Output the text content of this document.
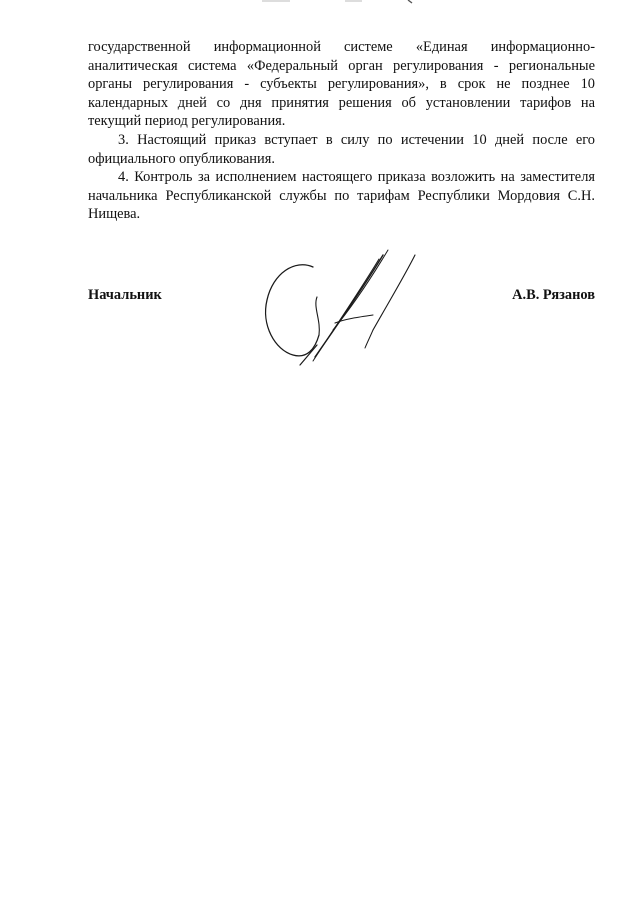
государственной информационной системе «Единая информационно-аналитическая система «Федеральный орган регулирования - региональные органы регулирования - субъекты регулирования», в срок не позднее 10 календарных дней со дня принятия решения об установлении тарифов на текущий период регулирования.

3. Настоящий приказ вступает в силу по истечении 10 дней после его официального опубликования.

4. Контроль за исполнением настоящего приказа возложить на заместителя начальника Республиканской службы по тарифам Республики Мордовия С.Н. Нищева.

Начальник	А.В. Рязанов
